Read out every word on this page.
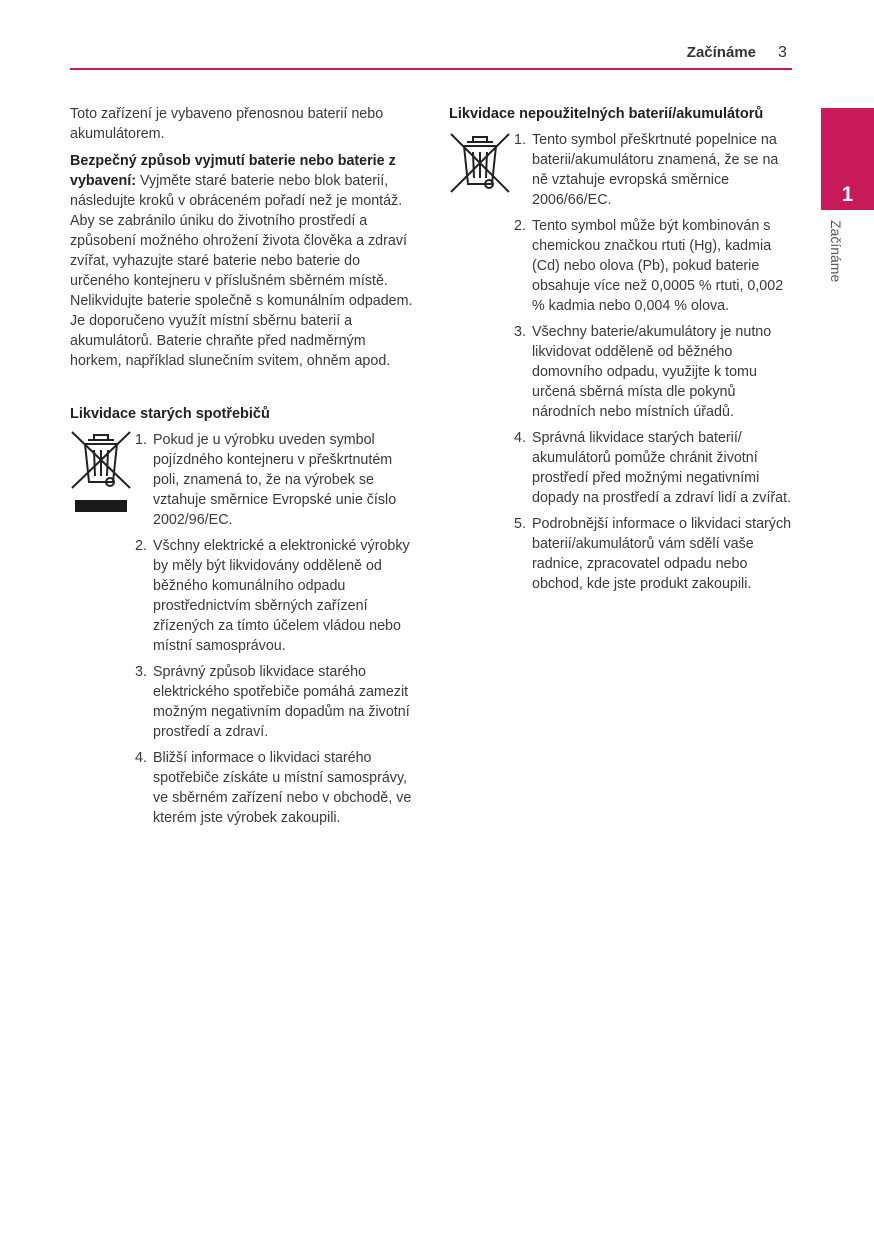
Začínáme 3
1
Začínáme

Toto zařízení je vybaveno přenosnou baterií nebo akumulátorem.

Bezpečný způsob vyjmutí baterie nebo baterie z vybavení: Vyjměte staré baterie nebo blok baterií, následujte kroků v obráceném pořadí než je montáž. Aby se zabránilo úniku do životního prostředí a způsobení možného ohrožení života člověka a zdraví zvířat, vyhazujte staré baterie nebo baterie do určeného kontejneru v příslušném sběrném místě. Nelikvidujte baterie společně s komunálním odpadem. Je doporučeno využít místní sběrnu baterií a akumulátorů. Baterie chraňte před nadměrným horkem, například slunečním svitem, ohněm apod.

Likvidace starých spotřebičů
1. Pokud je u výrobku uveden symbol pojízdného kontejneru v přeškrtnutém poli, znamená to, že na výrobek se vztahuje směrnice Evropské unie číslo 2002/96/EC.
2. Všchny elektrické a elektronické výrobky by měly být likvidovány odděleně od běžného komunálního odpadu prostřednictvím sběrných zařízení zřízených za tímto účelem vládou nebo místní samosprávou.
3. Správný způsob likvidace starého elektrického spotřebiče pomáhá zamezit možným negativním dopadům na životní prostředí a zdraví.
4. Bližší informace o likvidaci starého spotřebiče získáte u místní samosprávy, ve sběrném zařízení nebo v obchodě, ve kterém jste výrobek zakoupili.
Likvidace nepoužitelných baterií/akumulátorů
1. Tento symbol přeškrtnuté popelnice na baterii/akumulátoru znamená, že se na ně vztahuje evropská směrnice 2006/66/EC.
2. Tento symbol může být kombinován s chemickou značkou rtuti (Hg), kadmia (Cd) nebo olova (Pb), pokud baterie obsahuje více než 0,0005 % rtuti, 0,002 % kadmia nebo 0,004 % olova.
3. Všechny baterie/akumulátory je nutno likvidovat odděleně od běžného domovního odpadu, využijte k tomu určená sběrná místa dle pokynů národních nebo místních úřadů.
4. Správná likvidace starých baterií/ akumulátorů pomůže chránit životní prostředí před možnými negativními dopady na prostředí a zdraví lidí a zvířat.
5. Podrobnější informace o likvidaci starých baterií/akumulátorů vám sdělí vaše radnice, zpracovatel odpadu nebo obchod, kde jste produkt zakoupili.
